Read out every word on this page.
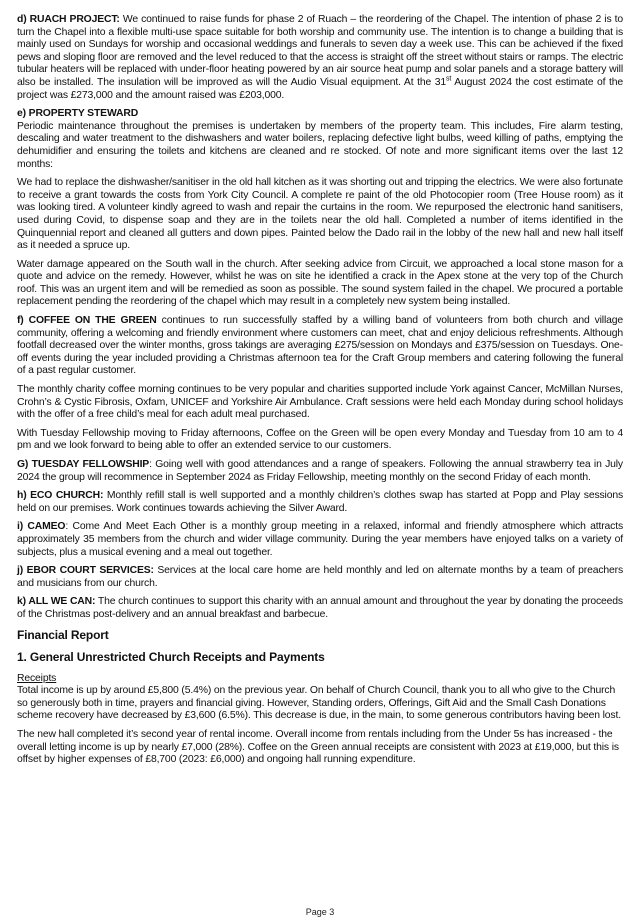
d) RUACH PROJECT: We continued to raise funds for phase 2 of Ruach – the reordering of the Chapel. The intention of phase 2 is to turn the Chapel into a flexible multi-use space suitable for both worship and community use. The intention is to change a building that is mainly used on Sundays for worship and occasional weddings and funerals to seven day a week use. This can be achieved if the fixed pews and sloping floor are removed and the level reduced to that the access is straight off the street without stairs or ramps. The electric tubular heaters will be replaced with under-floor heating powered by an air source heat pump and solar panels and a storage battery will also be installed. The insulation will be improved as will the Audio Visual equipment. At the 31st August 2024 the cost estimate of the project was £273,000 and the amount raised was £203,000.

e) PROPERTY STEWARD

Periodic maintenance throughout the premises is undertaken by members of the property team. This includes, Fire alarm testing, descaling and water treatment to the dishwashers and water boilers, replacing defective light bulbs, weed killing of paths, emptying the dehumidifier and ensuring the toilets and kitchens are cleaned and re stocked. Of note and more significant items over the last 12 months:

We had to replace the dishwasher/sanitiser in the old hall kitchen as it was shorting out and tripping the electrics. We were also fortunate to receive a grant towards the costs from York City Council. A complete re paint of the old Photocopier room (Tree House room) as it was looking tired. A volunteer kindly agreed to wash and repair the curtains in the room. We repurposed the electronic hand sanitisers, used during Covid, to dispense soap and they are in the toilets near the old hall. Completed a number of items identified in the Quinquennial report and cleaned all gutters and down pipes. Painted below the Dado rail in the lobby of the new hall and new hall itself as it needed a spruce up.

Water damage appeared on the South wall in the church. After seeking advice from Circuit, we approached a local stone mason for a quote and advice on the remedy. However, whilst he was on site he identified a crack in the Apex stone at the very top of the Church roof. This was an urgent item and will be remedied as soon as possible. The sound system failed in the chapel. We procured a portable replacement pending the reordering of the chapel which may result in a completely new system being installed.

f) COFFEE ON THE GREEN continues to run successfully staffed by a willing band of volunteers from both church and village community, offering a welcoming and friendly environment where customers can meet, chat and enjoy delicious refreshments. Although footfall decreased over the winter months, gross takings are averaging £275/session on Mondays and £375/session on Tuesdays. One-off events during the year included providing a Christmas afternoon tea for the Craft Group members and catering following the funeral of a past regular customer.

The monthly charity coffee morning continues to be very popular and charities supported include York against Cancer, McMillan Nurses, Crohn’s & Cystic Fibrosis, Oxfam, UNICEF and Yorkshire Air Ambulance. Craft sessions were held each Monday during school holidays with the offer of a free child’s meal for each adult meal purchased.

With Tuesday Fellowship moving to Friday afternoons, Coffee on the Green will be open every Monday and Tuesday from 10 am to 4 pm and we look forward to being able to offer an extended service to our customers.

G) TUESDAY FELLOWSHIP: Going well with good attendances and a range of speakers. Following the annual strawberry tea in July 2024 the group will recommence in September 2024 as Friday Fellowship, meeting monthly on the second Friday of each month.

h) ECO CHURCH: Monthly refill stall is well supported and a monthly children’s clothes swap has started at Popp and Play sessions held on our premises. Work continues towards achieving the Silver Award.

i) CAMEO: Come And Meet Each Other is a monthly group meeting in a relaxed, informal and friendly atmosphere which attracts approximately 35 members from the church and wider village community. During the year members have enjoyed talks on a variety of subjects, plus a musical evening and a meal out together.

j) EBOR COURT SERVICES: Services at the local care home are held monthly and led on alternate months by a team of preachers and musicians from our church.

k) ALL WE CAN: The church continues to support this charity with an annual amount and throughout the year by donating the proceeds of the Christmas post-delivery and an annual breakfast and barbecue.

Financial Report
1. General Unrestricted Church Receipts and Payments
Receipts

Total income is up by around £5,800 (5.4%) on the previous year. On behalf of Church Council, thank you to all who give to the Church so generously both in time, prayers and financial giving. However, Standing orders, Offerings, Gift Aid and the Small Cash Donations scheme recovery have decreased by £3,600 (6.5%). This decrease is due, in the main, to some generous contributors having been lost.

The new hall completed it’s second year of rental income. Overall income from rentals including from the Under 5s has increased - the overall letting income is up by nearly £7,000 (28%). Coffee on the Green annual receipts are consistent with 2023 at £19,000, but this is offset by higher expenses of £8,700 (2023: £6,000) and ongoing hall running expenditure.

Page 3
